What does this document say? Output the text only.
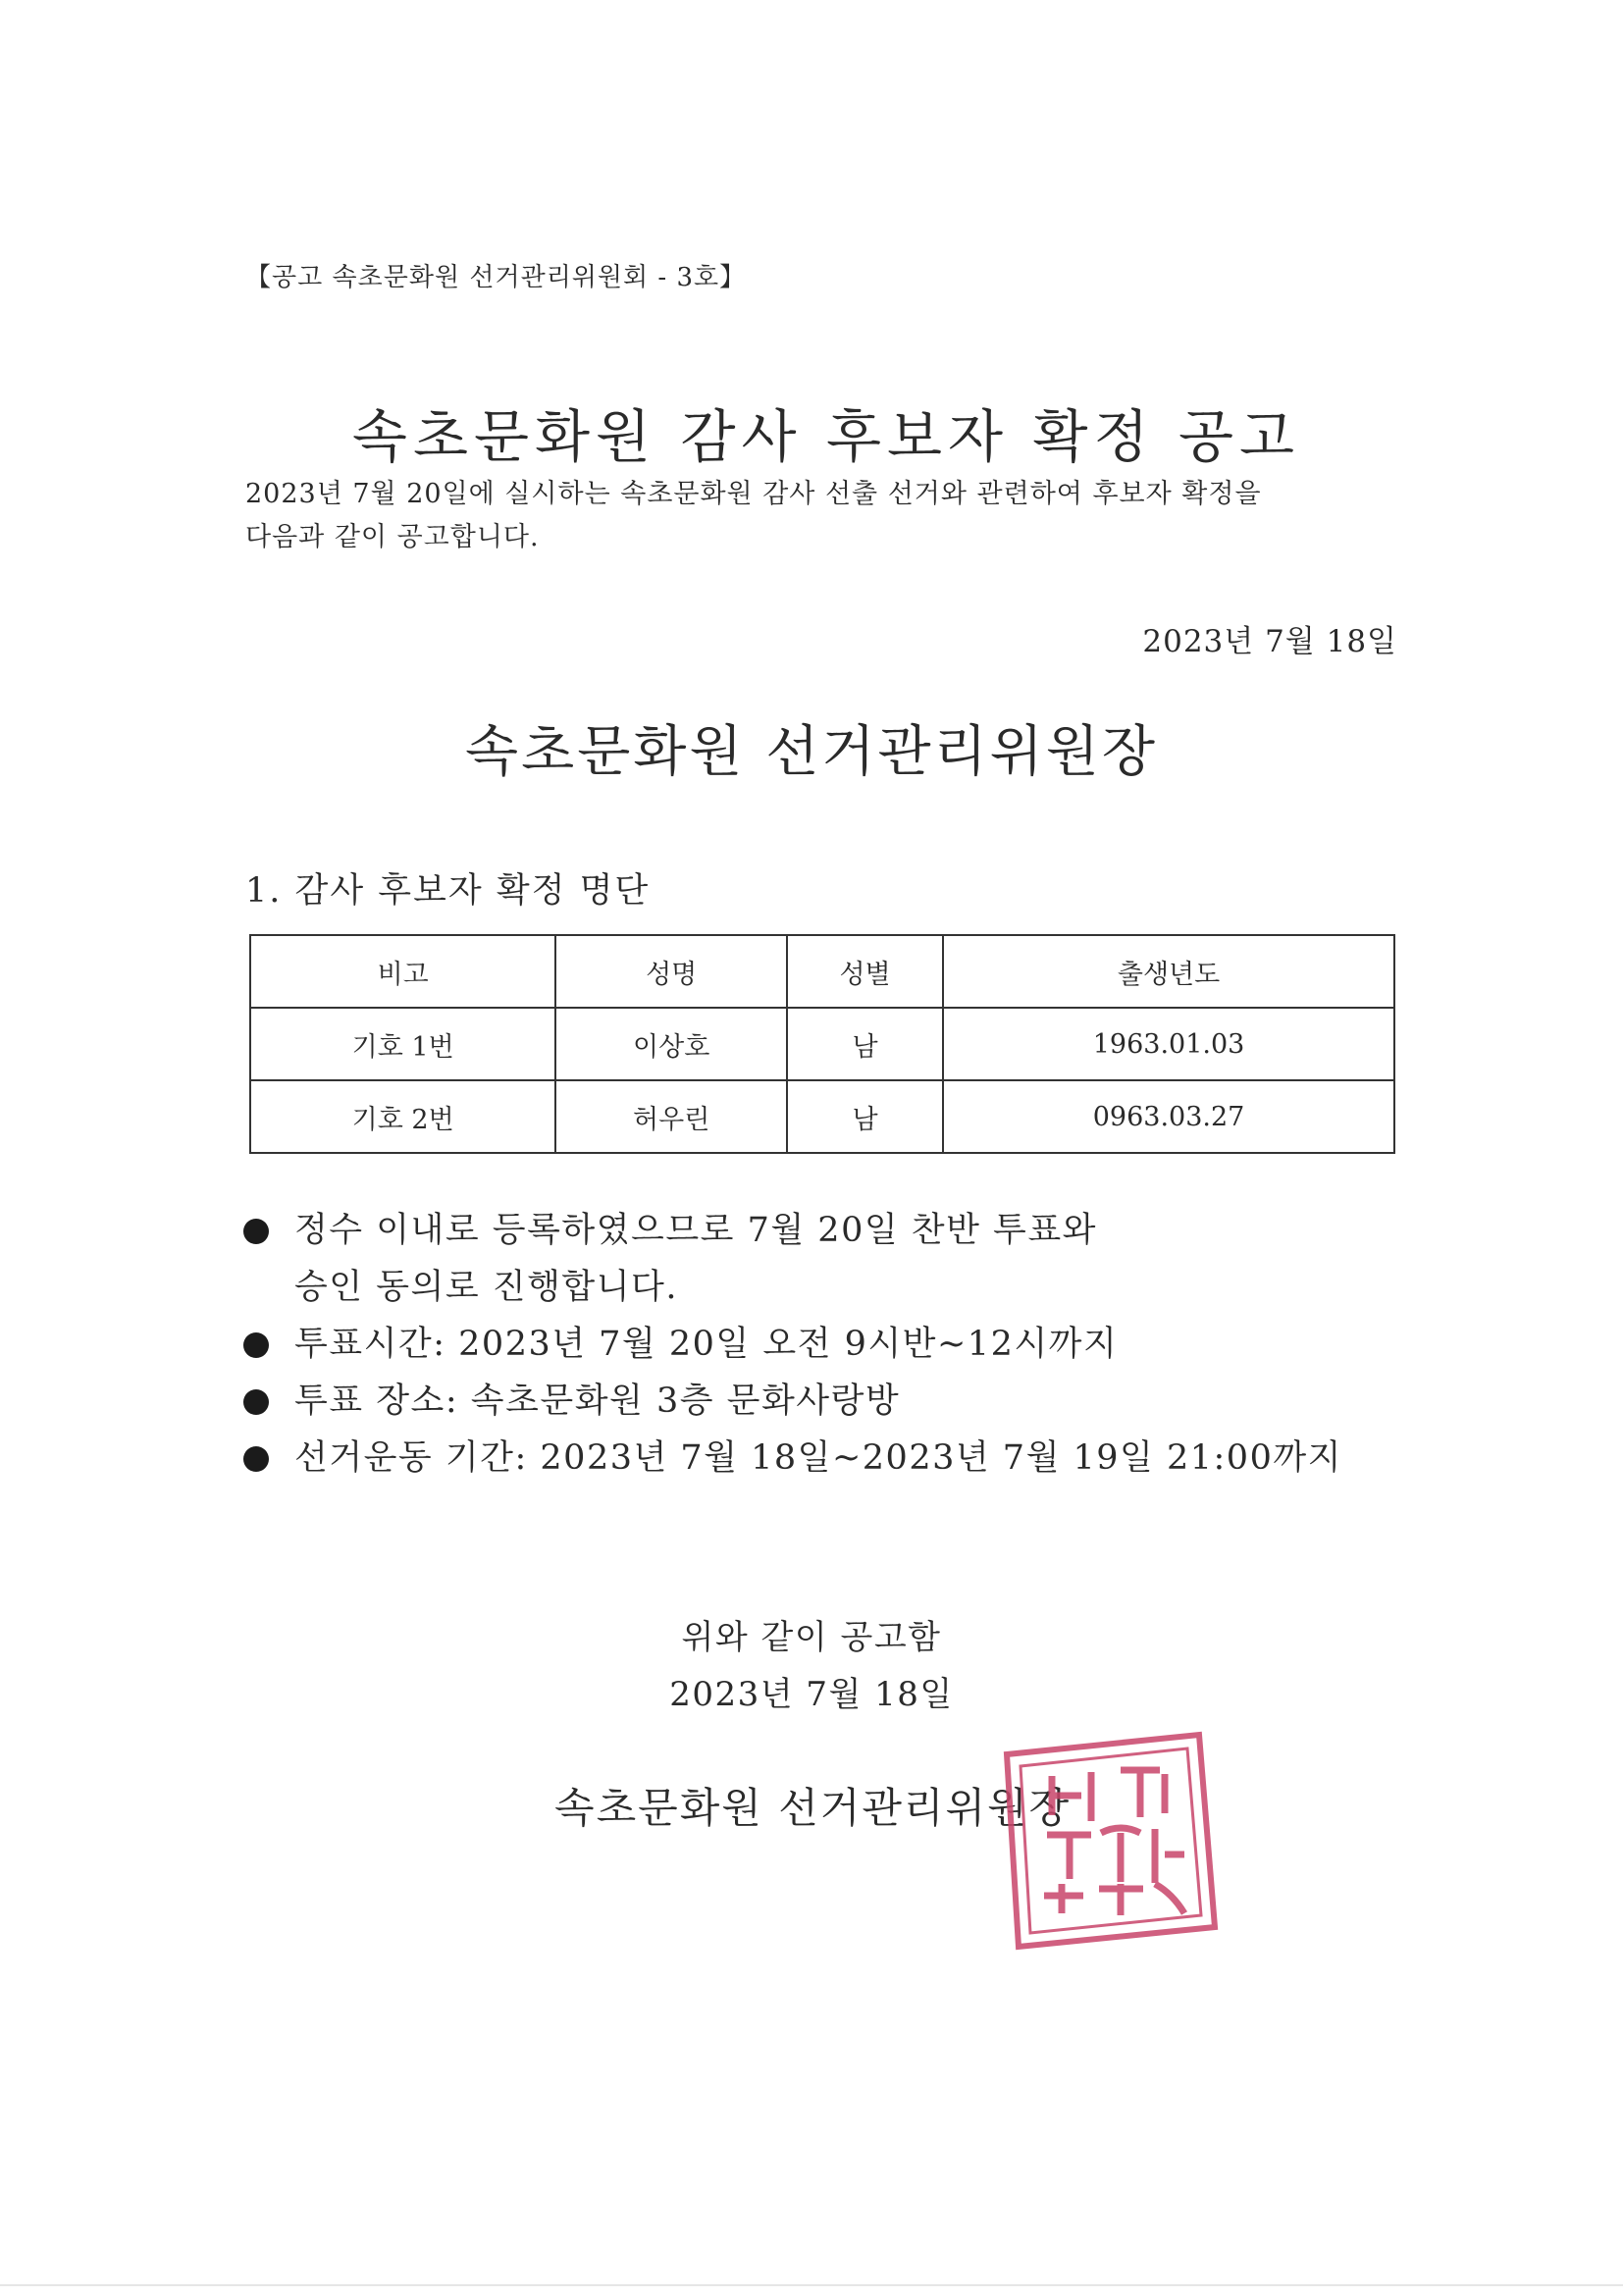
【공고 속초문화원 선거관리위원회 - 3호】
속초문화원 감사 후보자 확정 공고
2023년 7월 20일에 실시하는 속초문화원 감사 선출 선거와 관련하여 후보자 확정을
다음과 같이 공고합니다.
2023년 7월 18일
속초문화원 선거관리위원장
1. 감사 후보자 확정 명단
비고	성명	성별	출생년도
기호 1번	이상호	남	1963.01.03
기호 2번	허우린	남	0963.03.27
정수 이내로 등록하였으므로 7월 20일 찬반 투표와
승인 동의로 진행합니다.
투표시간: 2023년 7월 20일 오전 9시반~12시까지
투표 장소: 속초문화원 3층 문화사랑방
선거운동 기간: 2023년 7월 18일~2023년 7월 19일 21:00까지
위와 같이 공고함
2023년 7월 18일
속초문화원 선거관리위원장
